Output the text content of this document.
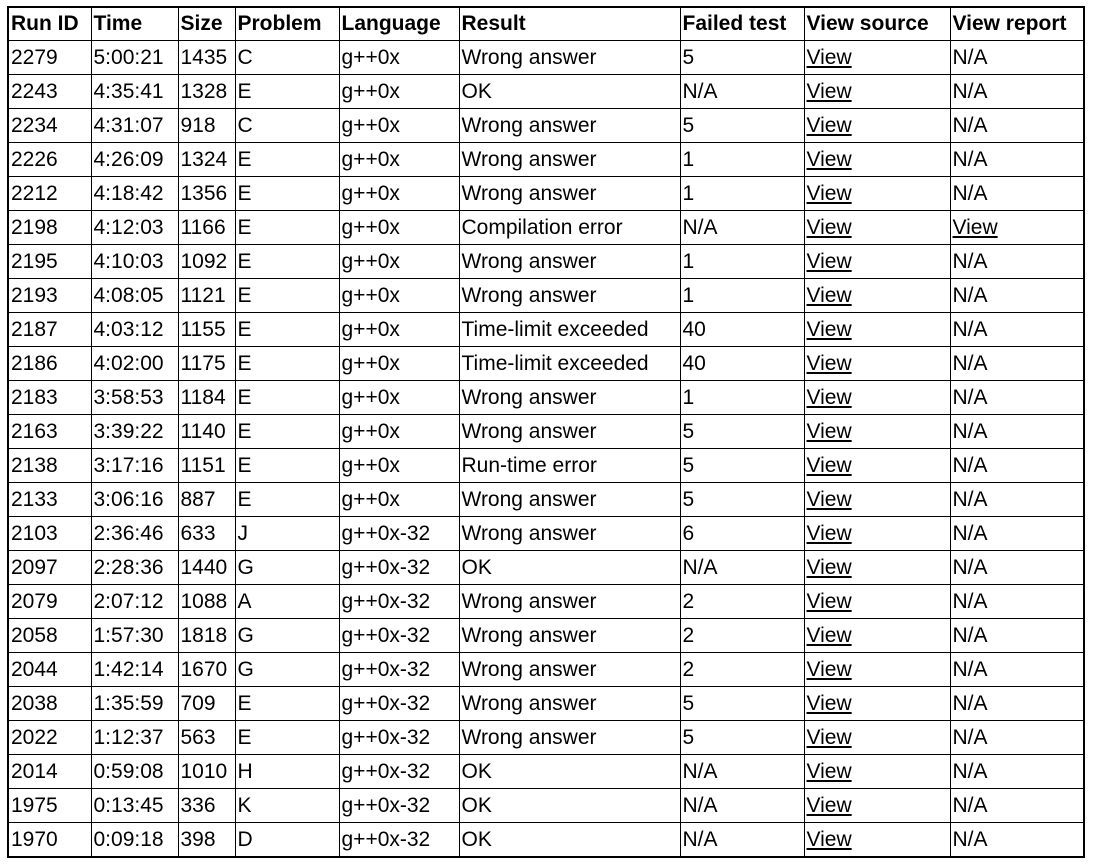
Run ID	Time	Size	Problem	Language	Result	Failed test	View source	View report
2279	5:00:21	1435	C	g++0x	Wrong answer	5	View	N/A
2243	4:35:41	1328	E	g++0x	OK	N/A	View	N/A
2234	4:31:07	918	C	g++0x	Wrong answer	5	View	N/A
2226	4:26:09	1324	E	g++0x	Wrong answer	1	View	N/A
2212	4:18:42	1356	E	g++0x	Wrong answer	1	View	N/A
2198	4:12:03	1166	E	g++0x	Compilation error	N/A	View	View
2195	4:10:03	1092	E	g++0x	Wrong answer	1	View	N/A
2193	4:08:05	1121	E	g++0x	Wrong answer	1	View	N/A
2187	4:03:12	1155	E	g++0x	Time-limit exceeded	40	View	N/A
2186	4:02:00	1175	E	g++0x	Time-limit exceeded	40	View	N/A
2183	3:58:53	1184	E	g++0x	Wrong answer	1	View	N/A
2163	3:39:22	1140	E	g++0x	Wrong answer	5	View	N/A
2138	3:17:16	1151	E	g++0x	Run-time error	5	View	N/A
2133	3:06:16	887	E	g++0x	Wrong answer	5	View	N/A
2103	2:36:46	633	J	g++0x-32	Wrong answer	6	View	N/A
2097	2:28:36	1440	G	g++0x-32	OK	N/A	View	N/A
2079	2:07:12	1088	A	g++0x-32	Wrong answer	2	View	N/A
2058	1:57:30	1818	G	g++0x-32	Wrong answer	2	View	N/A
2044	1:42:14	1670	G	g++0x-32	Wrong answer	2	View	N/A
2038	1:35:59	709	E	g++0x-32	Wrong answer	5	View	N/A
2022	1:12:37	563	E	g++0x-32	Wrong answer	5	View	N/A
2014	0:59:08	1010	H	g++0x-32	OK	N/A	View	N/A
1975	0:13:45	336	K	g++0x-32	OK	N/A	View	N/A
1970	0:09:18	398	D	g++0x-32	OK	N/A	View	N/A
